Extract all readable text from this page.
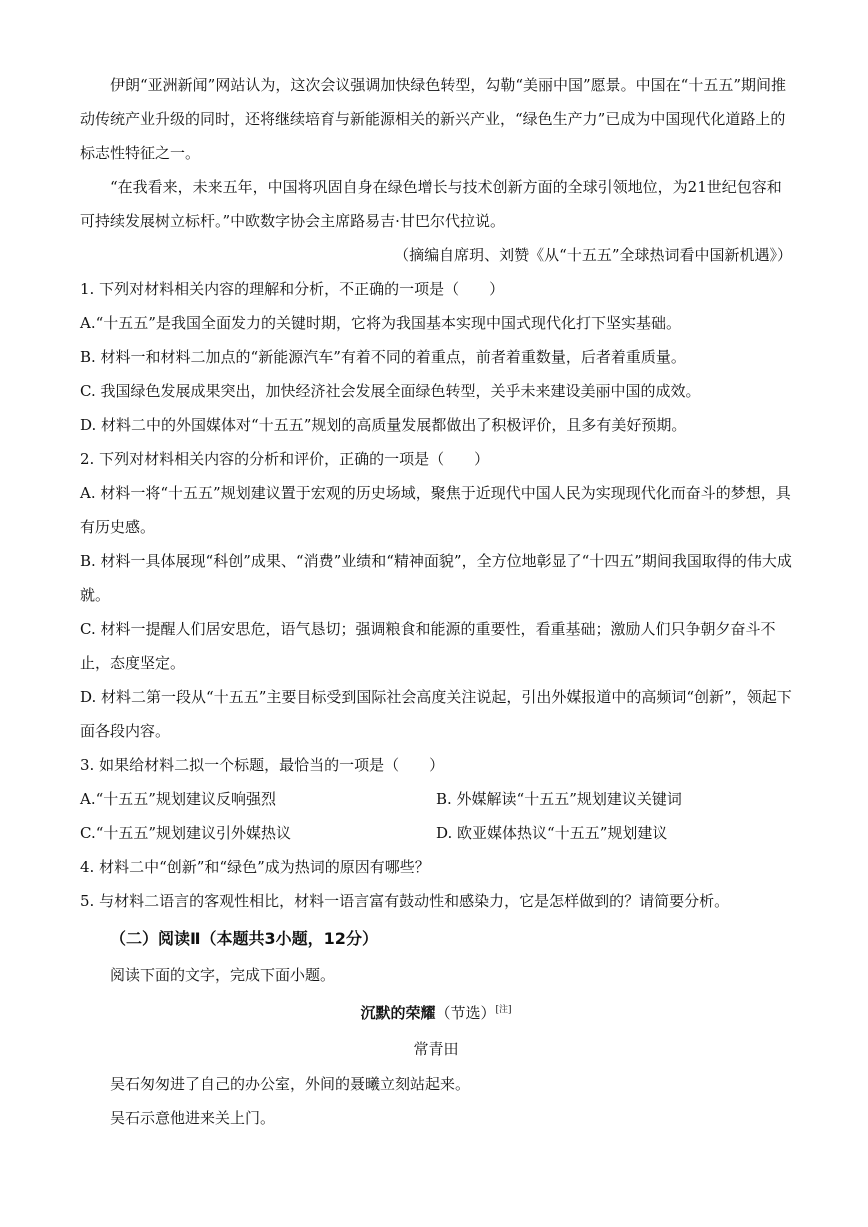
伊朗“亚洲新闻”网站认为，这次会议强调加快绿色转型，勾勒“美丽中国”愿景。中国在“十五五”期间推动传统产业升级的同时，还将继续培育与新能源相关的新兴产业，“绿色生产力”已成为中国现代化道路上的标志性特征之一。

“在我看来，未来五年，中国将巩固自身在绿色增长与技术创新方面的全球引领地位，为21世纪包容和可持续发展树立标杆。”中欧数字协会主席路易吉·甘巴尔代拉说。

（摘编自席玥、刘赞《从“十五五”全球热词看中国新机遇》）

1. 下列对材料相关内容的理解和分析，不正确的一项是（　　）

A.“十五五”是我国全面发力的关键时期，它将为我国基本实现中国式现代化打下坚实基础。

B. 材料一和材料二加点的“新能源汽车”有着不同的着重点，前者着重数量，后者着重质量。

C. 我国绿色发展成果突出，加快经济社会发展全面绿色转型，关乎未来建设美丽中国的成效。

D. 材料二中的外国媒体对“十五五”规划的高质量发展都做出了积极评价，且多有美好预期。

2. 下列对材料相关内容的分析和评价，正确的一项是（　　）

A. 材料一将“十五五”规划建议置于宏观的历史场域，聚焦于近现代中国人民为实现现代化而奋斗的梦想，具有历史感。

B. 材料一具体展现“科创”成果、“消费”业绩和“精神面貌”，全方位地彰显了“十四五”期间我国取得的伟大成就。

C. 材料一提醒人们居安思危，语气恳切；强调粮食和能源的重要性，看重基础；激励人们只争朝夕奋斗不止，态度坚定。

D. 材料二第一段从“十五五”主要目标受到国际社会高度关注说起，引出外媒报道中的高频词“创新”，领起下面各段内容。

3. 如果给材料二拟一个标题，最恰当的一项是（　　）

A.“十五五”规划建议反响强烈	B. 外媒解读“十五五”规划建议关键词
C.“十五五”规划建议引外媒热议	D. 欧亚媒体热议“十五五”规划建议

4. 材料二中“创新”和“绿色”成为热词的原因有哪些？

5. 与材料二语言的客观性相比，材料一语言富有鼓动性和感染力，它是怎样做到的？请简要分析。

（二）阅读Ⅱ（本题共3小题，12分）

阅读下面的文字，完成下面小题。

沉默的荣耀（节选）[注]

常青田

吴石匆匆进了自己的办公室，外间的聂曦立刻站起来。

吴石示意他进来关上门。
